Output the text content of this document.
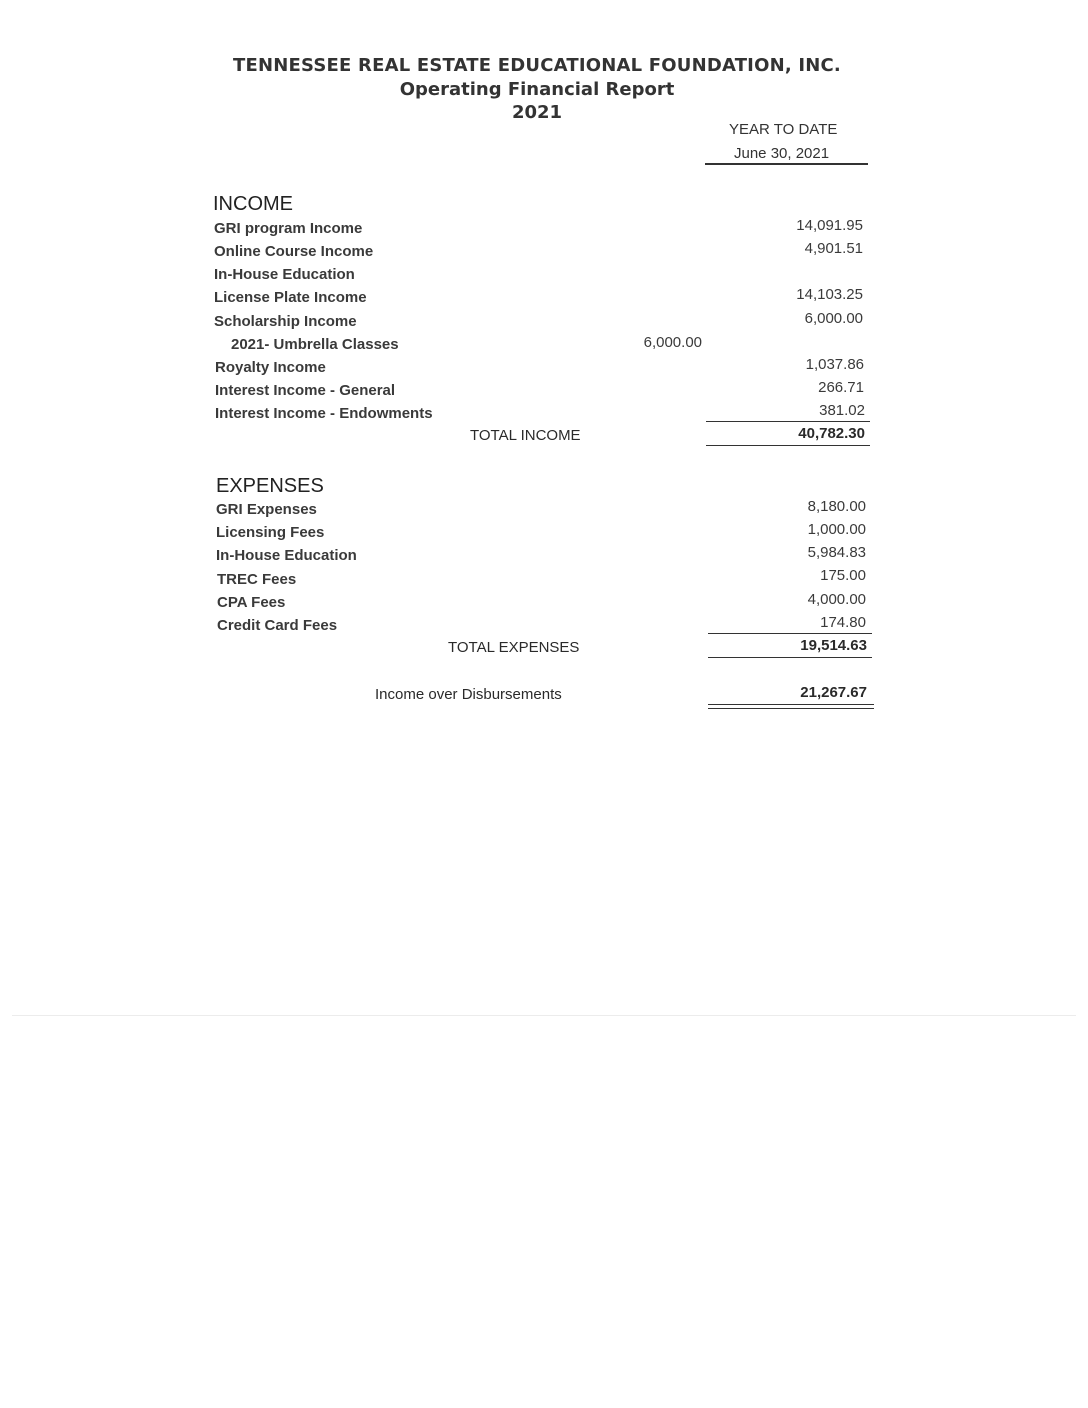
TENNESSEE REAL ESTATE EDUCATIONAL FOUNDATION, INC.
Operating Financial Report
2021
YEAR TO DATE
June 30, 2021
INCOME
GRI program Income	14,091.95
Online Course Income	4,901.51
In-House Education
License Plate Income	14,103.25
Scholarship Income	6,000.00
2021- Umbrella Classes	6,000.00
Royalty Income	1,037.86
Interest Income - General	266.71
Interest Income - Endowments	381.02
TOTAL INCOME	40,782.30
EXPENSES
GRI Expenses	8,180.00
Licensing Fees	1,000.00
In-House Education	5,984.83
TREC Fees	175.00
CPA Fees	4,000.00
Credit Card Fees	174.80
TOTAL EXPENSES	19,514.63
Income over Disbursements	21,267.67
